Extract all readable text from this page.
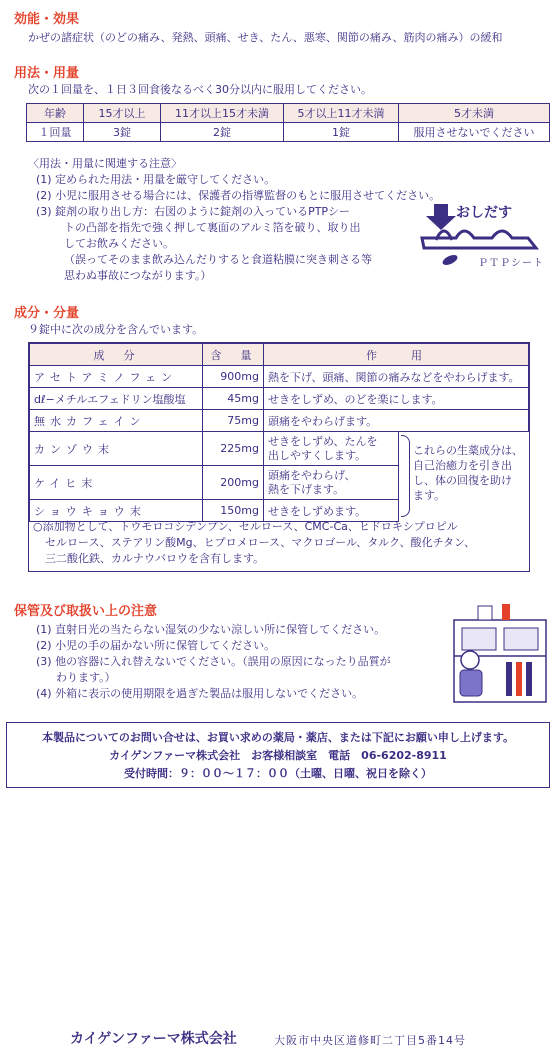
効能・効果
かぜの諸症状（のどの痛み、発熱、頭痛、せき、たん、悪寒、関節の痛み、筋肉の痛み）の緩和
用法・用量
次の１回量を、１日３回食後なるべく30分以内に服用してください。
年齢	15才以上	11才以上15才未満	5才以上11才未満	5才未満
１回量	3錠	2錠	1錠	服用させないでください
〈用法・用量に関連する注意〉
(1) 定められた用法・用量を厳守してください。
(2) 小児に服用させる場合には、保護者の指導監督のもとに服用させてください。
(3) 錠剤の取り出し方：右図のように錠剤の入っているPTPシー
トの凸部を指先で強く押して裏面のアルミ箔を破り、取り出
してお飲みください。
（誤ってそのまま飲み込んだりすると食道粘膜に突き刺さる等
思わぬ事故につながります。）
おしだす
ＰＴＰシート
成分・分量
９錠中に次の成分を含んでいます。
成　分	含　量	作　　用
アセトアミノフェン	900mg	熱を下げ、頭痛、関節の痛みなどをやわらげます。
dℓ−メチルエフェドリン塩酸塩	45mg	せきをしずめ、のどを楽にします。
無水カフェイン	75mg	頭痛をやわらげます。
カンゾウ末	225mg	せきをしずめ、たんを
出しやすくします。
ケイヒ末	200mg	頭痛をやわらげ、
熱を下げます。
ショウキョウ末	150mg	せきをしずめます。
これらの生薬成分は、
自己治癒力を引き出
し、体の回復を助け
ます。
○添加物として、トウモロコシデンプン、セルロース、CMC-Ca、ヒドロキシプロピル
セルロース、ステアリン酸Mg、ヒプロメロース、マクロゴール、タルク、酸化チタン、
三二酸化鉄、カルナウバロウを含有します。
保管及び取扱い上の注意
(1) 直射日光の当たらない湿気の少ない涼しい所に保管してください。
(2) 小児の手の届かない所に保管してください。
(3) 他の容器に入れ替えないでください。（誤用の原因になったり品質が
わります。）
(4) 外箱に表示の使用期限を過ぎた製品は服用しないでください。
本製品についてのお問い合せは、お買い求めの薬局・薬店、または下記にお願い申し上げます。
カイゲンファーマ株式会社　お客様相談室　電話　06-6202-8911
受付時間：９：００〜１７：００（土曜、日曜、祝日を除く）
カイゲンファーマ株式会社	大阪市中央区道修町二丁目5番14号
